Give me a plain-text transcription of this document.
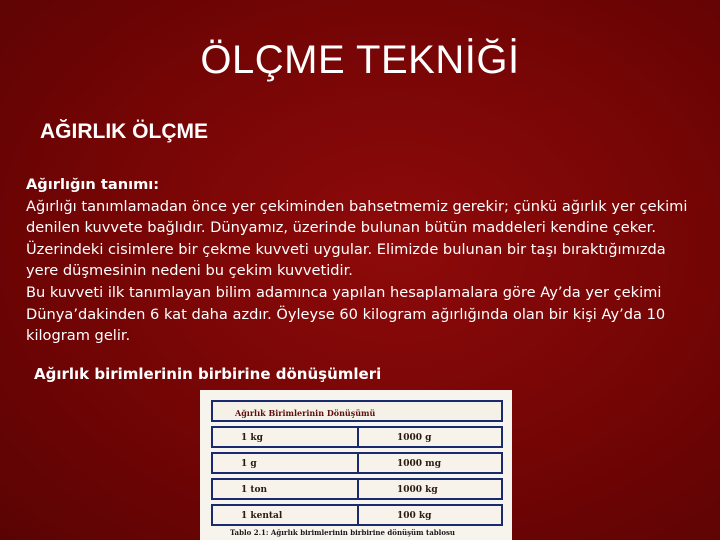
ÖLÇME TEKNİĞİ
AĞIRLIK ÖLÇME
Ağırlığın tanımı:

Ağırlığı tanımlamadan önce yer çekiminden bahsetmemiz gerekir; çünkü ağırlık yer çekimi denilen kuvvete bağlıdır. Dünyamız, üzerinde bulunan bütün maddeleri kendine çeker. Üzerindeki cisimlere bir çekme kuvveti uygular. Elimizde bulunan bir taşı bıraktığımızda yere düşmesinin nedeni bu çekim kuvvetidir.

Bu kuvveti ilk tanımlayan bilim adamınca yapılan hesaplamalara göre Ay’da yer çekimi Dünya’dakinden 6 kat daha azdır. Öyleyse 60 kilogram ağırlığında olan bir kişi Ay’da 10 kilogram gelir.

Ağırlık birimlerinin birbirine dönüşümleri
Ağırlık Birimlerinin Dönüşümü
1 kg	1000 g
1 g	1000 mg
1 ton	1000 kg
1 kental	100 kg
Tablo 2.1: Ağırlık birimlerinin birbirine dönüşüm tablosu
